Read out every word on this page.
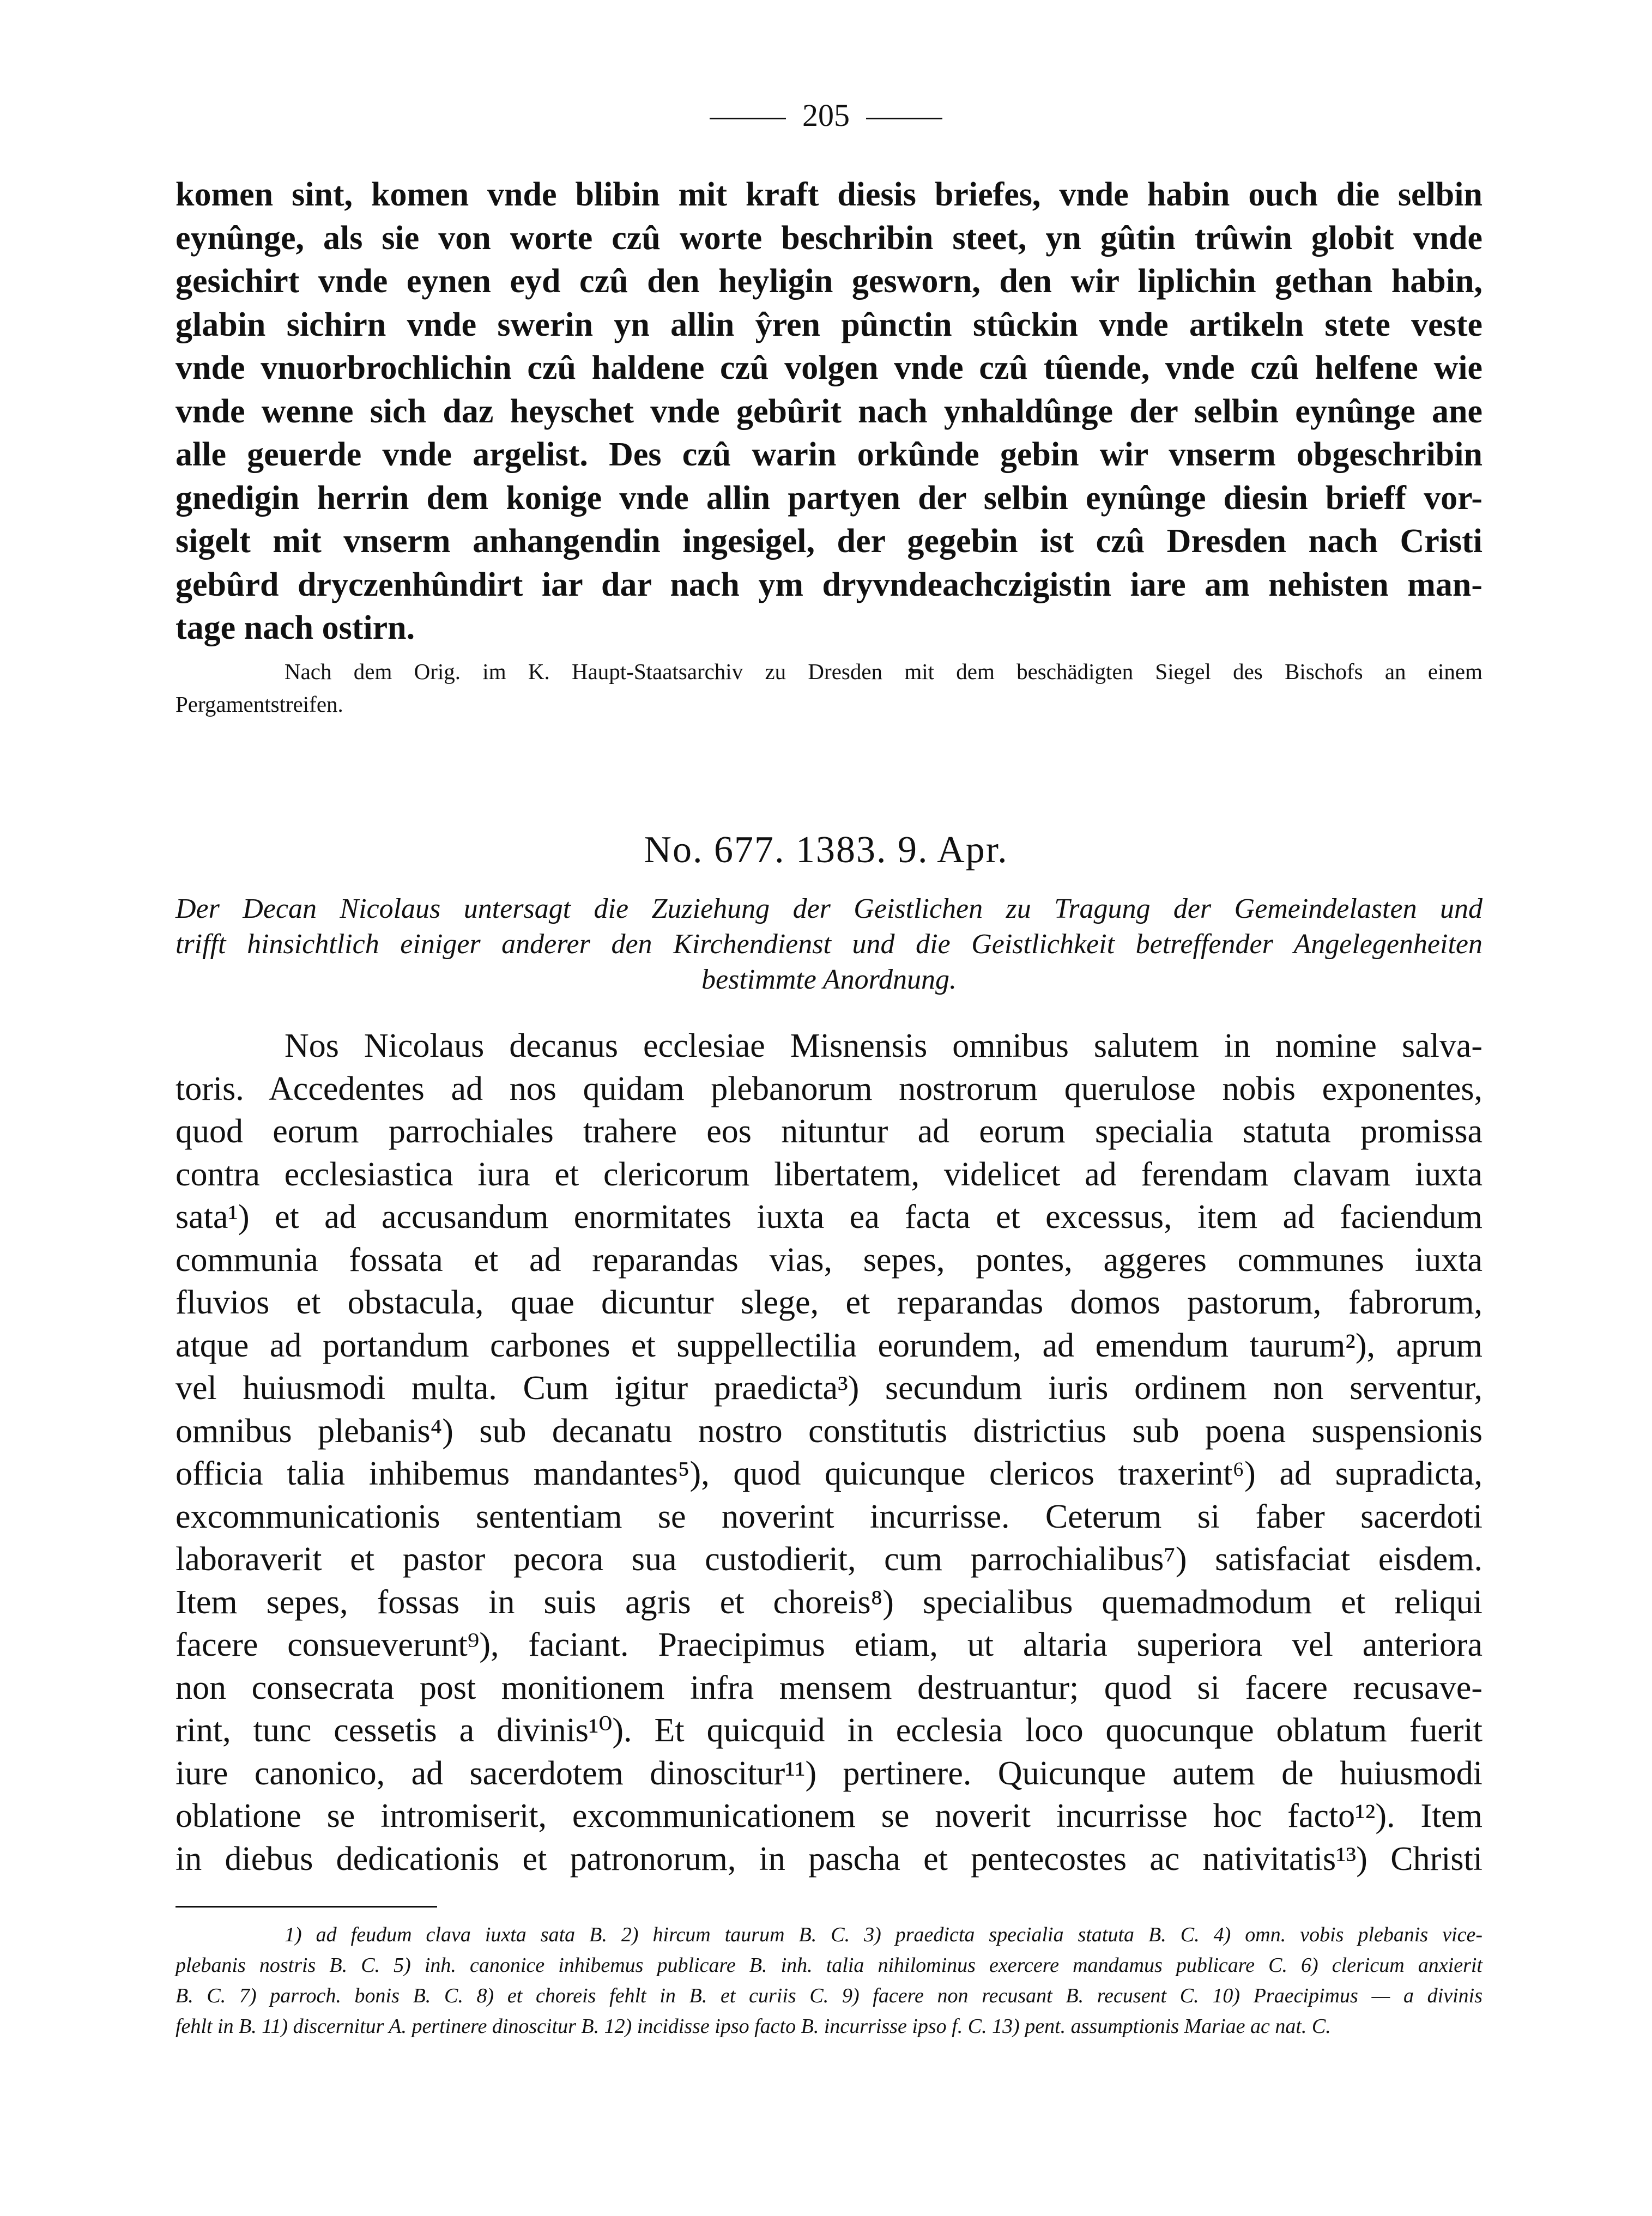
205
komen sint, komen vnde blibin mit kraft diesis briefes, vnde habin ouch die selbin
eynûnge, als sie von worte czû worte beschribin steet, yn gûtin trûwin globit vnde
gesichirt vnde eynen eyd czû den heyligin gesworn, den wir liplichin gethan habin,
glabin sichirn vnde swerin yn allin ŷren pûnctin stûckin vnde artikeln stete veste
vnde vnuorbrochlichin czû haldene czû volgen vnde czû tûende, vnde czû helfene wie
vnde wenne sich daz heyschet vnde gebûrit nach ynhaldûnge der selbin eynûnge ane
alle geuerde vnde argelist. Des czû warin orkûnde gebin wir vnserm obgeschribin
gnedigin herrin dem konige vnde allin partyen der selbin eynûnge diesin brieff vor-
sigelt mit vnserm anhangendin ingesigel, der gegebin ist czû Dresden nach Cristi
gebûrd dryczenhûndirt iar dar nach ym dryvndeachczigistin iare am nehisten man-
tage nach ostirn.
Nach dem Orig. im K. Haupt-Staatsarchiv zu Dresden mit dem beschädigten Siegel des Bischofs an einem
Pergamentstreifen.
No. 677. 1383. 9. Apr.
Der Decan Nicolaus untersagt die Zuziehung der Geistlichen zu Tragung der Gemeindelasten und
trifft hinsichtlich einiger anderer den Kirchendienst und die Geistlichkeit betreffender Angelegenheiten
bestimmte Anordnung.
Nos Nicolaus decanus ecclesiae Misnensis omnibus salutem in nomine salva-
toris. Accedentes ad nos quidam plebanorum nostrorum querulose nobis exponentes,
quod eorum parrochiales trahere eos nituntur ad eorum specialia statuta promissa
contra ecclesiastica iura et clericorum libertatem, videlicet ad ferendam clavam iuxta
sata¹) et ad accusandum enormitates iuxta ea facta et excessus, item ad faciendum
communia fossata et ad reparandas vias, sepes, pontes, aggeres communes iuxta
fluvios et obstacula, quae dicuntur slege, et reparandas domos pastorum, fabrorum,
atque ad portandum carbones et suppellectilia eorundem, ad emendum taurum²), aprum
vel huiusmodi multa. Cum igitur praedicta³) secundum iuris ordinem non serventur,
omnibus plebanis⁴) sub decanatu nostro constitutis districtius sub poena suspensionis
officia talia inhibemus mandantes⁵), quod quicunque clericos traxerint⁶) ad supradicta,
excommunicationis sententiam se noverint incurrisse. Ceterum si faber sacerdoti
laboraverit et pastor pecora sua custodierit, cum parrochialibus⁷) satisfaciat eisdem.
Item sepes, fossas in suis agris et choreis⁸) specialibus quemadmodum et reliqui
facere consueverunt⁹), faciant. Praecipimus etiam, ut altaria superiora vel anteriora
non consecrata post monitionem infra mensem destruantur; quod si facere recusave-
rint, tunc cessetis a divinis¹⁰). Et quicquid in ecclesia loco quocunque oblatum fuerit
iure canonico, ad sacerdotem dinoscitur¹¹) pertinere. Quicunque autem de huiusmodi
oblatione se intromiserit, excommunicationem se noverit incurrisse hoc facto¹²). Item
in diebus dedicationis et patronorum, in pascha et pentecostes ac nativitatis¹³) Christi
1) ad feudum clava iuxta sata B. 2) hircum taurum B. C. 3) praedicta specialia statuta B. C. 4) omn. vobis plebanis vice-
plebanis nostris B. C. 5) inh. canonice inhibemus publicare B. inh. talia nihilominus exercere mandamus publicare C. 6) clericum anxierit
B. C. 7) parroch. bonis B. C. 8) et choreis fehlt in B. et curiis C. 9) facere non recusant B. recusent C. 10) Praecipimus — a divinis
fehlt in B. 11) discernitur A. pertinere dinoscitur B. 12) incidisse ipso facto B. incurrisse ipso f. C. 13) pent. assumptionis Mariae ac nat. C.
